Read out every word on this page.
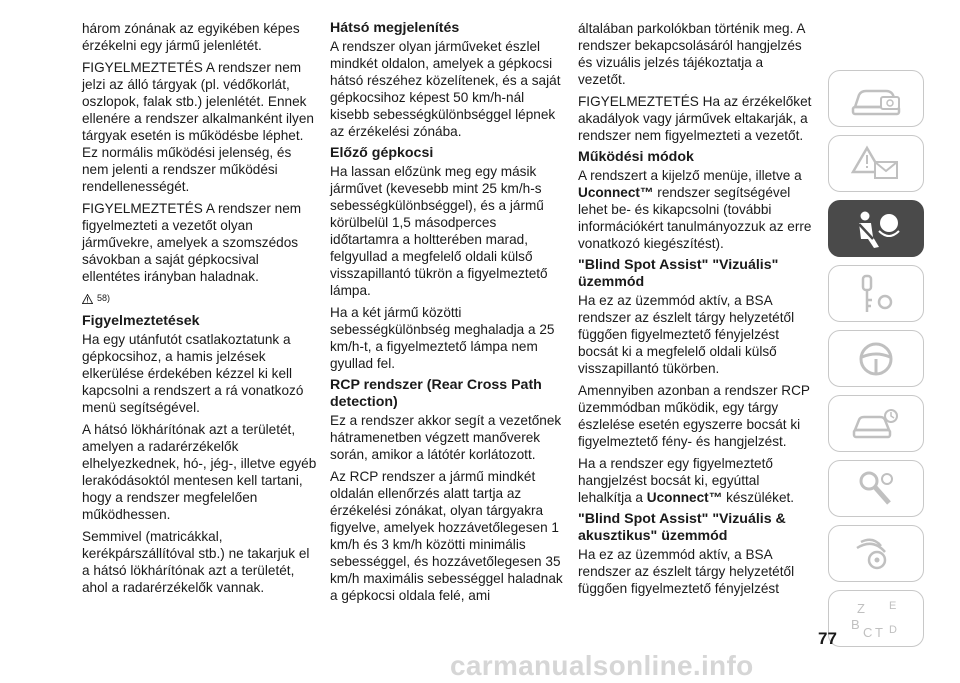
három zónának az egyikében képes érzékelni egy jármű jelenlétét.

FIGYELMEZTETÉS A rendszer nem jelzi az álló tárgyak (pl. védőkorlát, oszlopok, falak stb.) jelenlétét. Ennek ellenére a rendszer alkalmanként ilyen tárgyak esetén is működésbe léphet. Ez normális működési jelenség, és nem jelenti a rendszer működési rendellenességét.

FIGYELMEZTETÉS A rendszer nem figyelmezteti a vezetőt olyan járművekre, amelyek a szomszédos sávokban a saját gépkocsival ellentétes irányban haladnak.

58)
Figyelmeztetések

Ha egy utánfutót csatlakoztatunk a gépkocsihoz, a hamis jelzések elkerülése érdekében kézzel ki kell kapcsolni a rendszert a rá vonatkozó menü segítségével.

A hátsó lökhárítónak azt a területét, amelyen a radarérzékelők elhelyezkednek, hó-, jég-, illetve egyéb lerakódásoktól mentesen kell tartani, hogy a rendszer megfelelően működhessen.

Semmivel (matricákkal, kerékpárszállítóval stb.) ne takarjuk el a hátsó lökhárítónak azt a területét, ahol a radarérzékelők vannak.

Hátsó megjelenítés

A rendszer olyan járműveket észlel mindkét oldalon, amelyek a gépkocsi hátsó részéhez közelítenek, és a saját gépkocsihoz képest 50 km/h-nál kisebb sebességkülönbséggel lépnek az érzékelési zónába.

Előző gépkocsi

Ha lassan előzünk meg egy másik járművet (kevesebb mint 25 km/h-s sebességkülönbséggel), és a jármű körülbelül 1,5 másodperces időtartamra a holtterében marad, felgyullad a megfelelő oldali külső visszapillantó tükrön a figyelmeztető lámpa.

Ha a két jármű közötti sebességkülönbség meghaladja a 25 km/h-t, a figyelmeztető lámpa nem gyullad fel.

RCP rendszer (Rear Cross Path detection)

Ez a rendszer akkor segít a vezetőnek hátramenetben végzett manőverek során, amikor a látótér korlátozott.

Az RCP rendszer a jármű mindkét oldalán ellenőrzés alatt tartja az érzékelési zónákat, olyan tárgyakra figyelve, amelyek hozzávetőlegesen 1 km/h és 3 km/h közötti minimális sebességgel, és hozzávetőlegesen 35 km/h maximális sebességgel haladnak a gépkocsi oldala felé, ami

általában parkolókban történik meg. A rendszer bekapcsolásáról hangjelzés és vizuális jelzés tájékoztatja a vezetőt.

FIGYELMEZTETÉS Ha az érzékelőket akadályok vagy járművek eltakarják, a rendszer nem figyelmezteti a vezetőt.

Működési módok

A rendszert a kijelző menüje, illetve a Uconnect™ rendszer segítségével lehet be- és kikapcsolni (további információkért tanulmányozzuk az erre vonatkozó kiegészítést).

"Blind Spot Assist" "Vizuális" üzemmód

Ha ez az üzemmód aktív, a BSA rendszer az észlelt tárgy helyzetétől függően figyelmeztető fényjelzést bocsát ki a megfelelő oldali külső visszapillantó tükörben.

Amennyiben azonban a rendszer RCP üzemmódban működik, egy tárgy észlelése esetén egyszerre bocsát ki figyelmeztető fény- és hangjelzést.

Ha a rendszer egy figyelmeztető hangjelzést bocsát ki, egyúttal lehalkítja a Uconnect™ készüléket.

"Blind Spot Assist" "Vizuális & akusztikus" üzemmód

Ha ez az üzemmód aktív, a BSA rendszer az észlelt tárgy helyzetétől függően figyelmeztető fényjelzést

Z E
B
C T D
77
carmanualsonline.info
